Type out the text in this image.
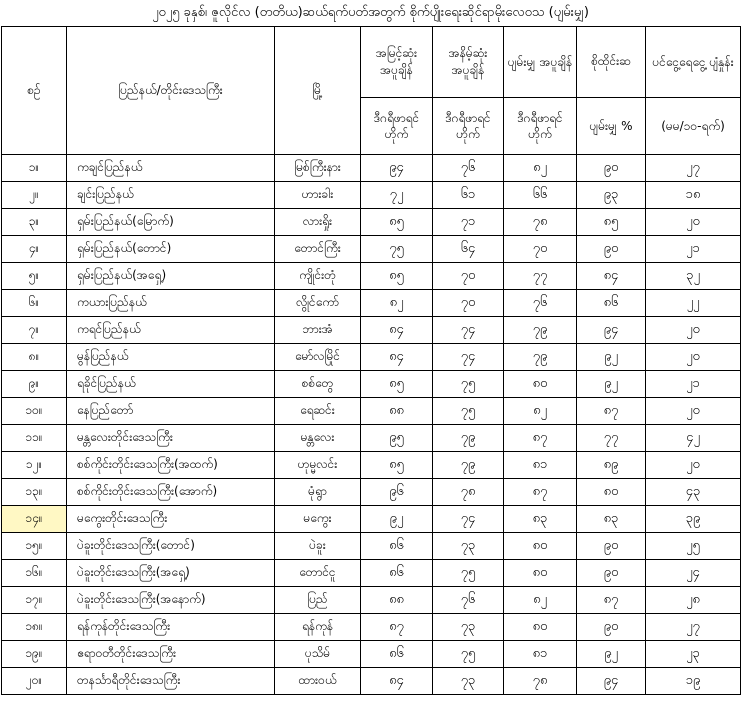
၂၀၂၅ ခုနှစ်၊ ဇူလိုင်လ (တတိယ)ဆယ်ရက်ပတ်အတွက် စိုက်ပျိုးရေးဆိုင်ရာမိုးလေဝသ (ပျမ်းမျှ)
စဉ်	ပြည်နယ်/တိုင်းဒေသကြီး	မြို့	အမြင့်ဆုံး အပူချိန်	အနိမ့်ဆုံး အပူချိန်	ပျမ်းမျှ အပူချိန်	စိုထိုင်းဆ	ပင်ငွေ့ရေငွေ့ ပျံနှုန်း
			ဒီဂရီဖာရင် ဟိုက်	ဒီဂရီဖာရင် ဟိုက်	ဒီဂရီဖာရင် ဟိုက်	ပျမ်းမျှ %	(မမ/၁၀-ရက်)
၁။	ကချင်ပြည်နယ်	မြစ်ကြီးနား	၉၄	၇၆	၈၂	၉၀	၂၇
၂။	ချင်းပြည်နယ်	ဟားခါး	၇၂	၆၁	၆၆	၉၃	၁၈
၃။	ရှမ်းပြည်နယ်(မြောက်)	လားရှိုး	၈၅	၇၁	၇၈	၈၅	၂၀
၄။	ရှမ်းပြည်နယ်(တောင်)	တောင်ကြီး	၇၅	၆၄	၇၀	၉၀	၂၁
၅။	ရှမ်းပြည်နယ်(အရှေ့)	ကျိုင်းတုံ	၈၅	၇၀	၇၇	၈၄	၃၂
၆။	ကယားပြည်နယ်	လွိုင်ကော်	၈၂	၇၀	၇၆	၈၆	၂၂
၇။	ကရင်ပြည်နယ်	ဘားအံ	၈၄	၇၄	၇၉	၉၄	၂၀
၈။	မွန်ပြည်နယ်	မော်လမြိုင်	၈၄	၇၄	၇၉	၉၂	၂၀
၉။	ရခိုင်ပြည်နယ်	စစ်တွေ	၈၅	၇၅	၈၀	၉၂	၂၁
၁၀။	နေပြည်တော်	ရေဆင်း	၈၈	၇၅	၈၂	၈၇	၂၀
၁၁။	မန္တလေးတိုင်းဒေသကြီး	မန္တလေး	၉၅	၇၉	၈၇	၇၇	၄၂
၁၂။	စစ်ကိုင်းတိုင်းဒေသကြီး(အထက်)	ဟုမ္မလင်း	၈၅	၇၉	၈၁	၈၉	၂၀
၁၃။	စစ်ကိုင်းတိုင်းဒေသကြီး(အောက်)	မုံရွာ	၉၆	၇၈	၈၇	၈၀	၄၃
၁၄။	မကွေးတိုင်းဒေသကြီး	မကွေး	၉၂	၇၄	၈၃	၈၃	၃၉
၁၅။	ပဲခူးတိုင်းဒေသကြီး(တောင်)	ပဲခူး	၈၆	၇၃	၈၀	၉၀	၂၅
၁၆။	ပဲခူးတိုင်းဒေသကြီး(အရှေ့)	တောင်ငူ	၈၆	၇၅	၈၀	၉၀	၂၄
၁၇။	ပဲခူးတိုင်းဒေသကြီး(အနောက်)	ပြည်	၈၈	၇၆	၈၂	၈၇	၂၈
၁၈။	ရန်ကုန်တိုင်းဒေသကြီး	ရန်ကုန်	၈၇	၇၃	၈၀	၉၀	၂၇
၁၉။	ဧရာဝတီတိုင်းဒေသကြီး	ပုသိမ်	၈၆	၇၅	၈၁	၉၂	၂၃
၂၀။	တနင်္သာရီတိုင်းဒေသကြီး	ထားဝယ်	၈၄	၇၃	၇၈	၉၄	၁၉
